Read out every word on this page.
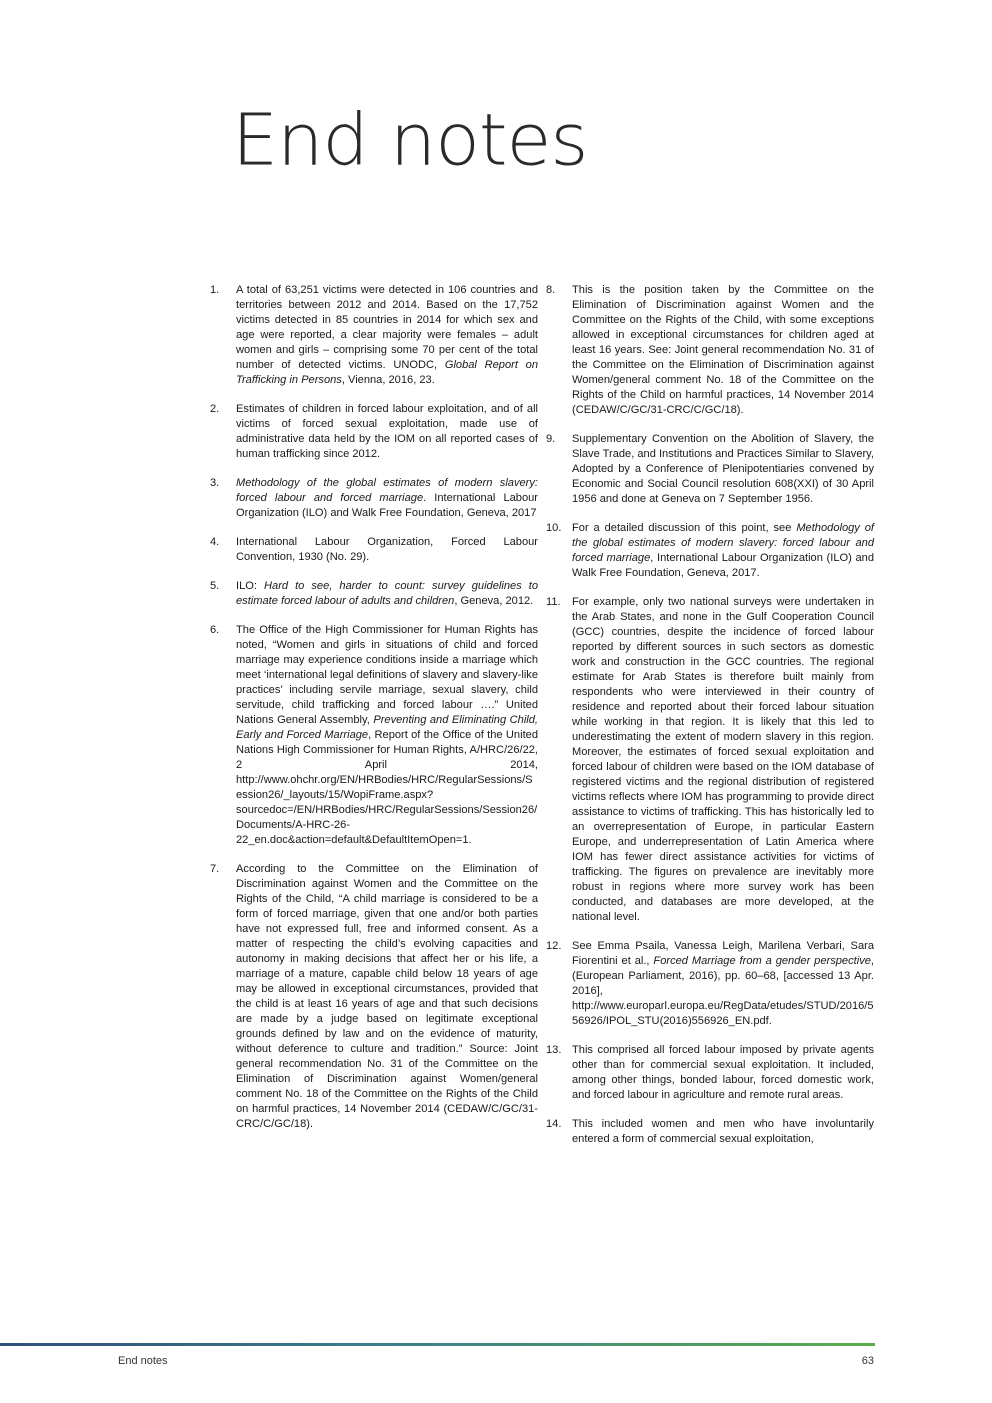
End notes
1.	A total of 63,251 victims were detected in 106 countries and territories between 2012 and 2014. Based on the 17,752 victims detected in 85 countries in 2014 for which sex and age were reported, a clear majority were females – adult women and girls – comprising some 70 per cent of the total number of detected victims. UNODC, Global Report on Trafficking in Persons, Vienna, 2016, 23.
2.	Estimates of children in forced labour exploitation, and of all victims of forced sexual exploitation, made use of administrative data held by the IOM on all reported cases of human trafficking since 2012.
3.	Methodology of the global estimates of modern slavery: forced labour and forced marriage. International Labour Organization (ILO) and Walk Free Foundation, Geneva, 2017
4.	International Labour Organization, Forced Labour Convention, 1930 (No. 29).
5.	ILO: Hard to see, harder to count: survey guidelines to estimate forced labour of adults and children, Geneva, 2012.
6.	The Office of the High Commissioner for Human Rights has noted, “Women and girls in situations of child and forced marriage may experience conditions inside a marriage which meet ‘international legal definitions of slavery and slavery-like practices’ including servile marriage, sexual slavery, child servitude, child trafficking and forced labour ….” United Nations General Assembly, Preventing and Eliminating Child, Early and Forced Marriage, Report of the Office of the United Nations High Commissioner for Human Rights, A/HRC/26/22, 2 April 2014, http://www.ohchr.org/EN/HRBodies/HRC/RegularSessions/Session26/_layouts/15/WopiFrame.aspx?sourcedoc=/EN/HRBodies/HRC/RegularSessions/Session26/Documents/A-HRC-26-22_en.doc&action=default&DefaultItemOpen=1.
7.	According to the Committee on the Elimination of Discrimination against Women and the Committee on the Rights of the Child, “A child marriage is considered to be a form of forced marriage, given that one and/or both parties have not expressed full, free and informed consent. As a matter of respecting the child’s evolving capacities and autonomy in making decisions that affect her or his life, a marriage of a mature, capable child below 18 years of age may be allowed in exceptional circumstances, provided that the child is at least 16 years of age and that such decisions are made by a judge based on legitimate exceptional grounds defined by law and on the evidence of maturity, without deference to culture and tradition.” Source: Joint general recommendation No. 31 of the Committee on the Elimination of Discrimination against Women/general comment No. 18 of the Committee on the Rights of the Child on harmful practices, 14 November 2014 (CEDAW/C/GC/31-CRC/C/GC/18).
8.	This is the position taken by the Committee on the Elimination of Discrimination against Women and the Committee on the Rights of the Child, with some exceptions allowed in exceptional circumstances for children aged at least 16 years. See: Joint general recommendation No. 31 of the Committee on the Elimination of Discrimination against Women/general comment No. 18 of the Committee on the Rights of the Child on harmful practices, 14 November 2014 (CEDAW/C/GC/31-CRC/C/GC/18).
9.	Supplementary Convention on the Abolition of Slavery, the Slave Trade, and Institutions and Practices Similar to Slavery, Adopted by a Conference of Plenipotentiaries convened by Economic and Social Council resolution 608(XXI) of 30 April 1956 and done at Geneva on 7 September 1956.
10. For a detailed discussion of this point, see Methodology of the global estimates of modern slavery: forced labour and forced marriage, International Labour Organization (ILO) and Walk Free Foundation, Geneva, 2017.
11.	For example, only two national surveys were undertaken in the Arab States, and none in the Gulf Cooperation Council (GCC) countries, despite the incidence of forced labour reported by different sources in such sectors as domestic work and construction in the GCC countries. The regional estimate for Arab States is therefore built mainly from respondents who were interviewed in their country of residence and reported about their forced labour situation while working in that region. It is likely that this led to underestimating the extent of modern slavery in this region. Moreover, the estimates of forced sexual exploitation and forced labour of children were based on the IOM database of registered victims and the regional distribution of registered victims reflects where IOM has programming to provide direct assistance to victims of trafficking. This has historically led to an overrepresentation of Europe, in particular Eastern Europe, and underrepresentation of Latin America where IOM has fewer direct assistance activities for victims of trafficking. The figures on prevalence are inevitably more robust in regions where more survey work has been conducted, and databases are more developed, at the national level.
12. See Emma Psaila, Vanessa Leigh, Marilena Verbari, Sara Fiorentini et al., Forced Marriage from a gender perspective, (European Parliament, 2016), pp. 60–68, [accessed 13 Apr. 2016], http://www.europarl.europa.eu/RegData/etudes/STUD/2016/556926/IPOL_STU(2016)556926_EN.pdf.
13. This comprised all forced labour imposed by private agents other than for commercial sexual exploitation. It included, among other things, bonded labour, forced domestic work, and forced labour in agriculture and remote rural areas.
14. This included women and men who have involuntarily entered a form of commercial sexual exploitation,
End notes	63
